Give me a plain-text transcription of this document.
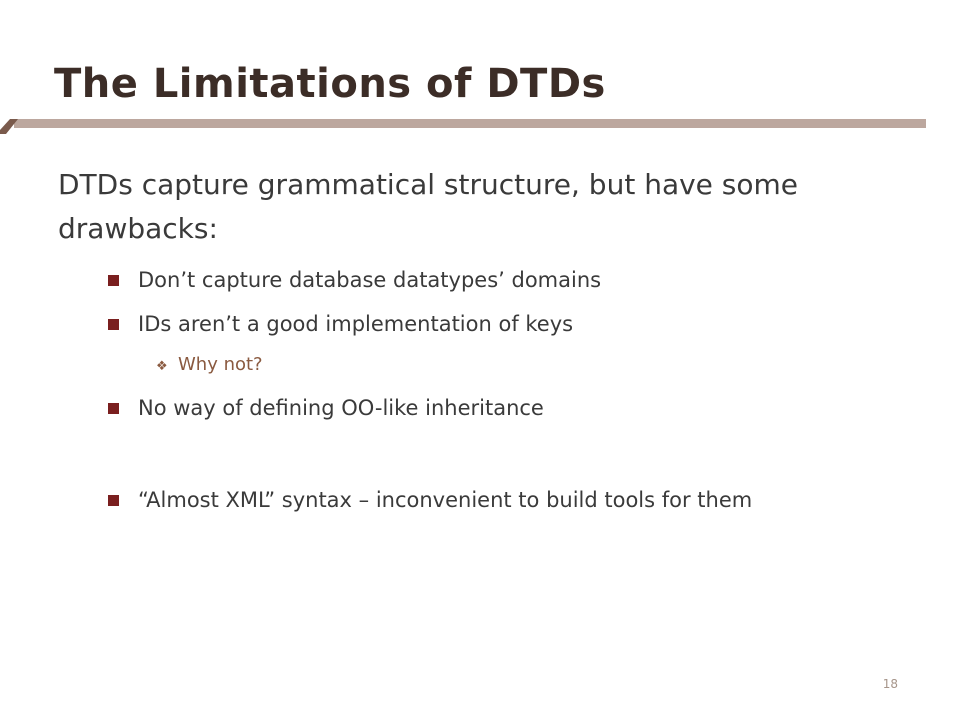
The Limitations of DTDs

DTDs capture grammatical structure, but have some drawbacks:

Don’t capture database datatypes’ domains
IDs aren’t a good implementation of keys
❖ Why not?
No way of defining OO-like inheritance
“Almost XML” syntax – inconvenient to build tools for them
18
